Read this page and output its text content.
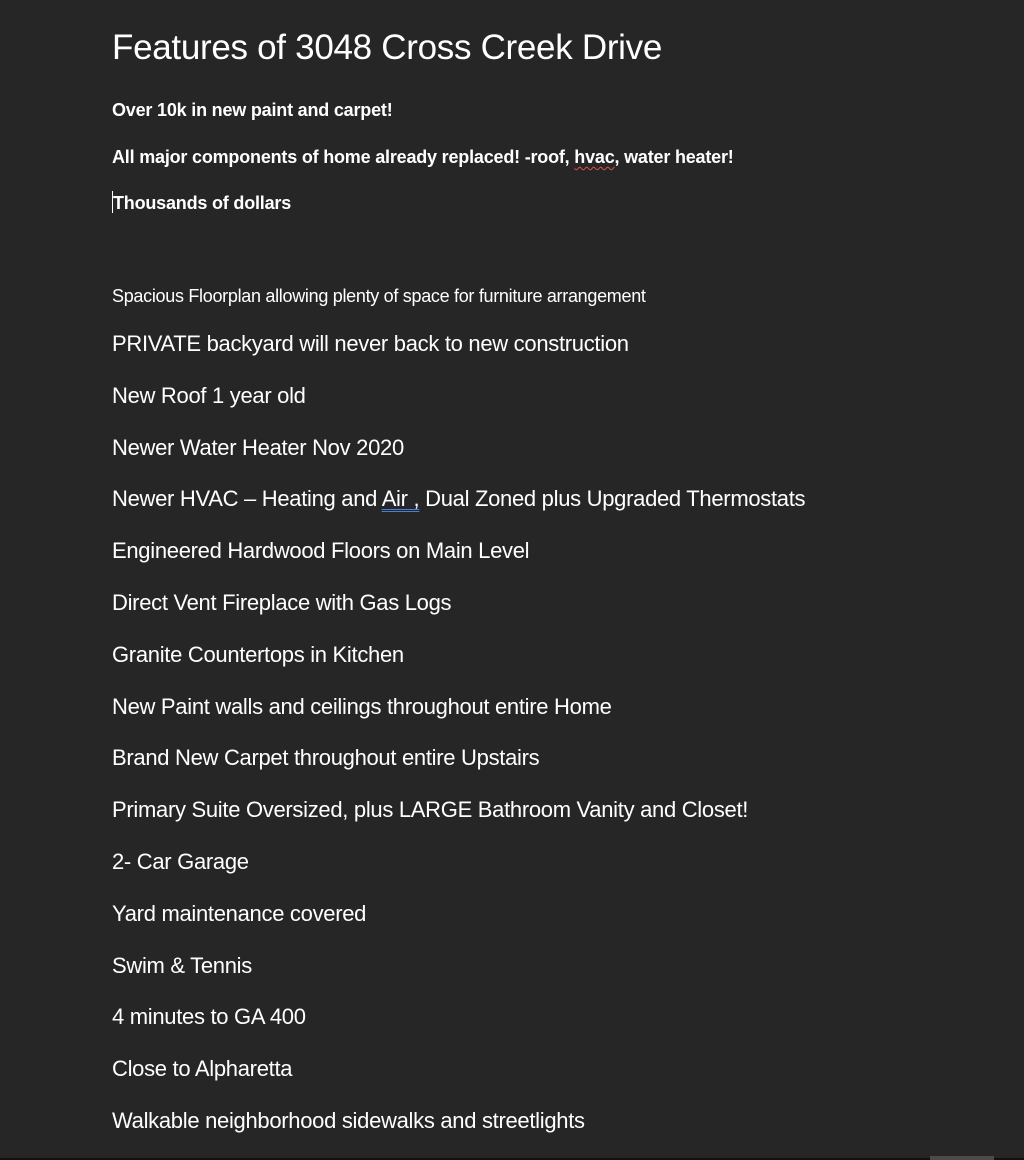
Features of 3048 Cross Creek Drive

Over 10k in new paint and carpet!

All major components of home already replaced! -roof, hvac, water heater!

Thousands of dollars

Spacious Floorplan allowing plenty of space for furniture arrangement

PRIVATE backyard will never back to new construction
New Roof 1 year old
Newer Water Heater Nov 2020
Newer HVAC – Heating and Air , Dual Zoned plus Upgraded Thermostats
Engineered Hardwood Floors on Main Level
Direct Vent Fireplace with Gas Logs
Granite Countertops in Kitchen
New Paint walls and ceilings throughout entire Home
Brand New Carpet throughout entire Upstairs
Primary Suite Oversized, plus LARGE Bathroom Vanity and Closet!
2- Car Garage
Yard maintenance covered
Swim & Tennis
4 minutes to GA 400
Close to Alpharetta
Walkable neighborhood sidewalks and streetlights
